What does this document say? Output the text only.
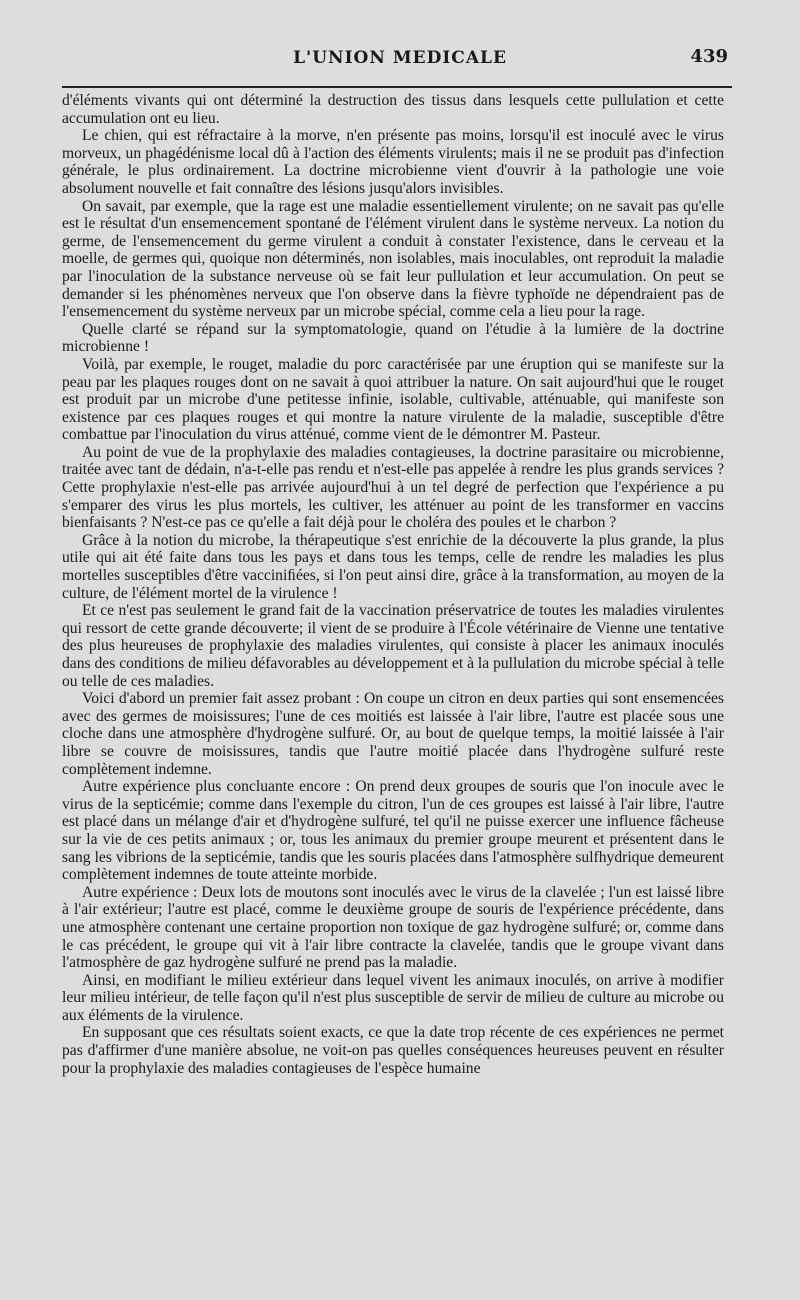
L'UNION MEDICALE	439

d'éléments vivants qui ont déterminé la destruction des tissus dans lesquels cette pullulation et cette accumulation ont eu lieu.

Le chien, qui est réfractaire à la morve, n'en présente pas moins, lorsqu'il est inoculé avec le virus morveux, un phagédénisme local dû à l'action des éléments virulents; mais il ne se produit pas d'infection générale, le plus ordinairement. La doctrine microbienne vient d'ouvrir à la pathologie une voie absolument nouvelle et fait connaître des lésions jusqu'alors invisibles.

On savait, par exemple, que la rage est une maladie essentiellement virulente; on ne savait pas qu'elle est le résultat d'un ensemencement spontané de l'élément virulent dans le système nerveux. La notion du germe, de l'ensemencement du germe virulent a conduit à constater l'existence, dans le cerveau et la moelle, de germes qui, quoique non déterminés, non isolables, mais inoculables, ont reproduit la maladie par l'inoculation de la substance nerveuse où se fait leur pullulation et leur accumulation. On peut se demander si les phénomènes nerveux que l'on observe dans la fièvre typhoïde ne dépendraient pas de l'ensemencement du système nerveux par un microbe spécial, comme cela a lieu pour la rage.

Quelle clarté se répand sur la symptomatologie, quand on l'étudie à la lumière de la doctrine microbienne !

Voilà, par exemple, le rouget, maladie du porc caractérisée par une éruption qui se manifeste sur la peau par les plaques rouges dont on ne savait à quoi attribuer la nature. On sait aujourd'hui que le rouget est produit par un microbe d'une petitesse infinie, isolable, cultivable, atténuable, qui manifeste son existence par ces plaques rouges et qui montre la nature virulente de la maladie, susceptible d'être combattue par l'inoculation du virus atténué, comme vient de le démontrer M. Pasteur.

Au point de vue de la prophylaxie des maladies contagieuses, la doctrine parasitaire ou microbienne, traitée avec tant de dédain, n'a-t-elle pas rendu et n'est-elle pas appelée à rendre les plus grands services ? Cette prophylaxie n'est-elle pas arrivée aujourd'hui à un tel degré de perfection que l'expérience a pu s'emparer des virus les plus mortels, les cultiver, les atténuer au point de les transformer en vaccins bienfaisants ? N'est-ce pas ce qu'elle a fait déjà pour le choléra des poules et le charbon ?

Grâce à la notion du microbe, la thérapeutique s'est enrichie de la découverte la plus grande, la plus utile qui ait été faite dans tous les pays et dans tous les temps, celle de rendre les maladies les plus mortelles susceptibles d'être vacciniﬁées, si l'on peut ainsi dire, grâce à la transformation, au moyen de la culture, de l'élément mortel de la virulence !

Et ce n'est pas seulement le grand fait de la vaccination préservatrice de toutes les maladies virulentes qui ressort de cette grande découverte; il vient de se produire à l'École vétérinaire de Vienne une tentative des plus heureuses de prophylaxie des maladies virulentes, qui consiste à placer les animaux inoculés dans des conditions de milieu défavorables au développement et à la pullulation du microbe spécial à telle ou telle de ces maladies.

Voici d'abord un premier fait assez probant : On coupe un citron en deux parties qui sont ensemencées avec des germes de moisissures; l'une de ces moitiés est laissée à l'air libre, l'autre est placée sous une cloche dans une atmosphère d'hydrogène sulfuré. Or, au bout de quelque temps, la moitié laissée à l'air libre se couvre de moisissures, tandis que l'autre moitié placée dans l'hydrogène sulfuré reste complètement indemne.

Autre expérience plus concluante encore : On prend deux groupes de souris que l'on inocule avec le virus de la septicémie; comme dans l'exemple du citron, l'un de ces groupes est laissé à l'air libre, l'autre est placé dans un mélange d'air et d'hydrogène sulfuré, tel qu'il ne puisse exercer une influence fâcheuse sur la vie de ces petits animaux ; or, tous les animaux du premier groupe meurent et présentent dans le sang les vibrions de la septicémie, tandis que les souris placées dans l'atmosphère sulfhydrique demeurent complètement indemnes de toute atteinte morbide.

Autre expérience : Deux lots de moutons sont inoculés avec le virus de la clavelée ; l'un est laissé libre à l'air extérieur; l'autre est placé, comme le deuxième groupe de souris de l'expérience précédente, dans une atmosphère contenant une certaine proportion non toxique de gaz hydrogène sulfuré; or, comme dans le cas précédent, le groupe qui vit à l'air libre contracte la clavelée, tandis que le groupe vivant dans l'atmosphère de gaz hydrogène sulfuré ne prend pas la maladie.

Ainsi, en modifiant le milieu extérieur dans lequel vivent les animaux inoculés, on arrive à modifier leur milieu intérieur, de telle façon qu'il n'est plus susceptible de servir de milieu de culture au microbe ou aux éléments de la virulence.

En supposant que ces résultats soient exacts, ce que la date trop récente de ces expériences ne permet pas d'affirmer d'une manière absolue, ne voit-on pas quelles conséquences heureuses peuvent en résulter pour la prophylaxie des maladies contagieuses de l'espèce humaine
